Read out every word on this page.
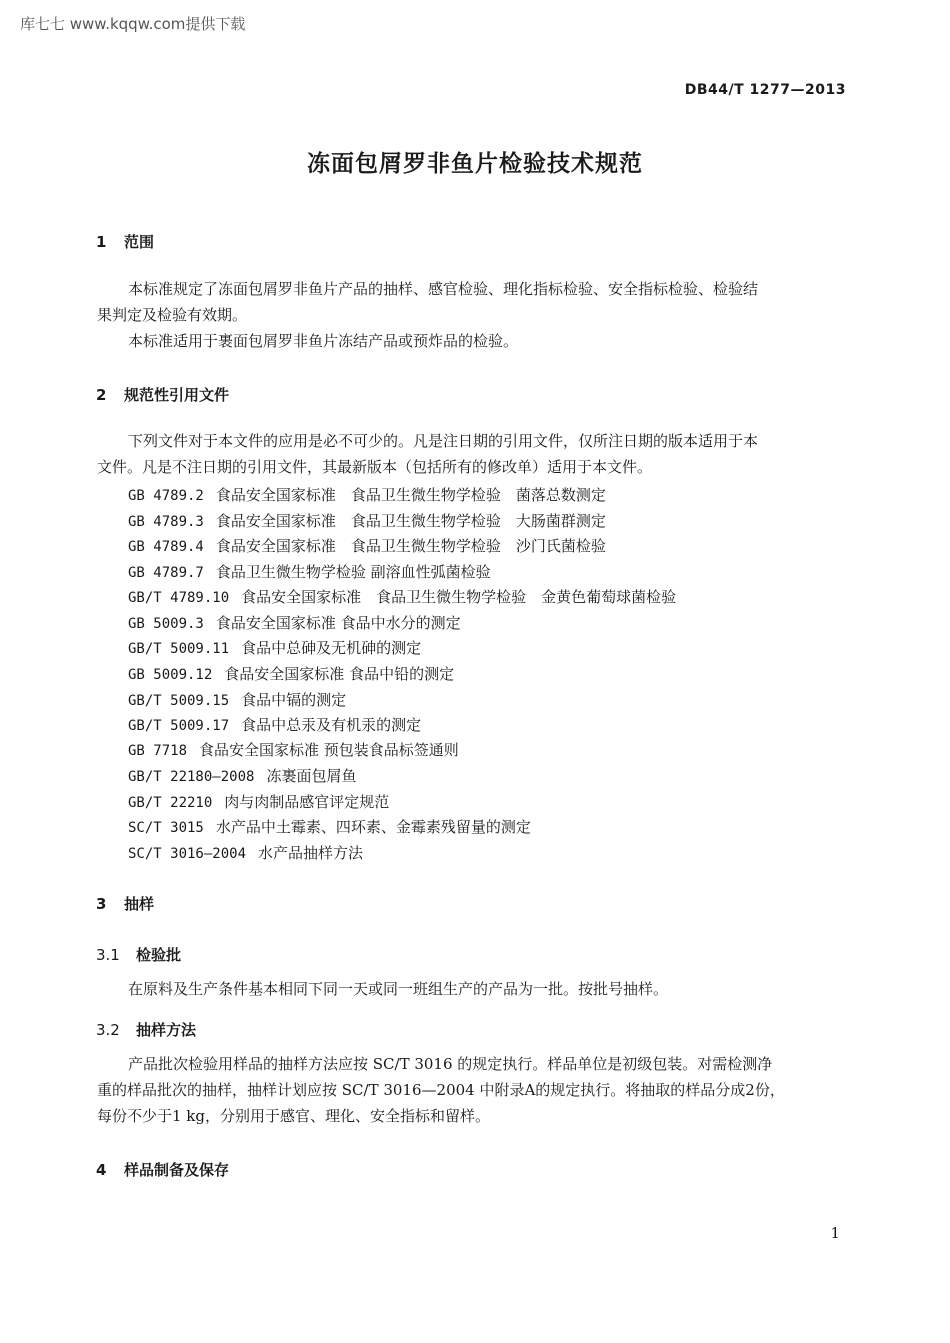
库七七 www.kqqw.com提供下载
DB44/T 1277—2013
冻面包屑罗非鱼片检验技术规范
1 范围
本标准规定了冻面包屑罗非鱼片产品的抽样、感官检验、理化指标检验、安全指标检验、检验结
果判定及检验有效期。
本标准适用于裹面包屑罗非鱼片冻结产品或预炸品的检验。
2 规范性引用文件
下列文件对于本文件的应用是必不可少的。凡是注日期的引用文件，仅所注日期的版本适用于本
文件。凡是不注日期的引用文件，其最新版本（包括所有的修改单）适用于本文件。
GB 4789.2 食品安全国家标准　食品卫生微生物学检验　菌落总数测定
GB 4789.3 食品安全国家标准　食品卫生微生物学检验　大肠菌群测定
GB 4789.4 食品安全国家标准　食品卫生微生物学检验　沙门氏菌检验
GB 4789.7 食品卫生微生物学检验 副溶血性弧菌检验
GB/T 4789.10 食品安全国家标准　食品卫生微生物学检验　金黄色葡萄球菌检验
GB 5009.3 食品安全国家标准 食品中水分的测定
GB/T 5009.11 食品中总砷及无机砷的测定
GB 5009.12 食品安全国家标准 食品中铅的测定
GB/T 5009.15 食品中镉的测定
GB/T 5009.17 食品中总汞及有机汞的测定
GB 7718 食品安全国家标准 预包装食品标签通则
GB/T 22180—2008 冻裹面包屑鱼
GB/T 22210 肉与肉制品感官评定规范
SC/T 3015 水产品中土霉素、四环素、金霉素残留量的测定
SC/T 3016—2004 水产品抽样方法
3 抽样
3.1 检验批
在原料及生产条件基本相同下同一天或同一班组生产的产品为一批。按批号抽样。
3.2 抽样方法
产品批次检验用样品的抽样方法应按 SC/T 3016 的规定执行。样品单位是初级包装。对需检测净
重的样品批次的抽样，抽样计划应按 SC/T 3016—2004 中附录A的规定执行。将抽取的样品分成2份，
每份不少于1 kg，分别用于感官、理化、安全指标和留样。
4 样品制备及保存
1
